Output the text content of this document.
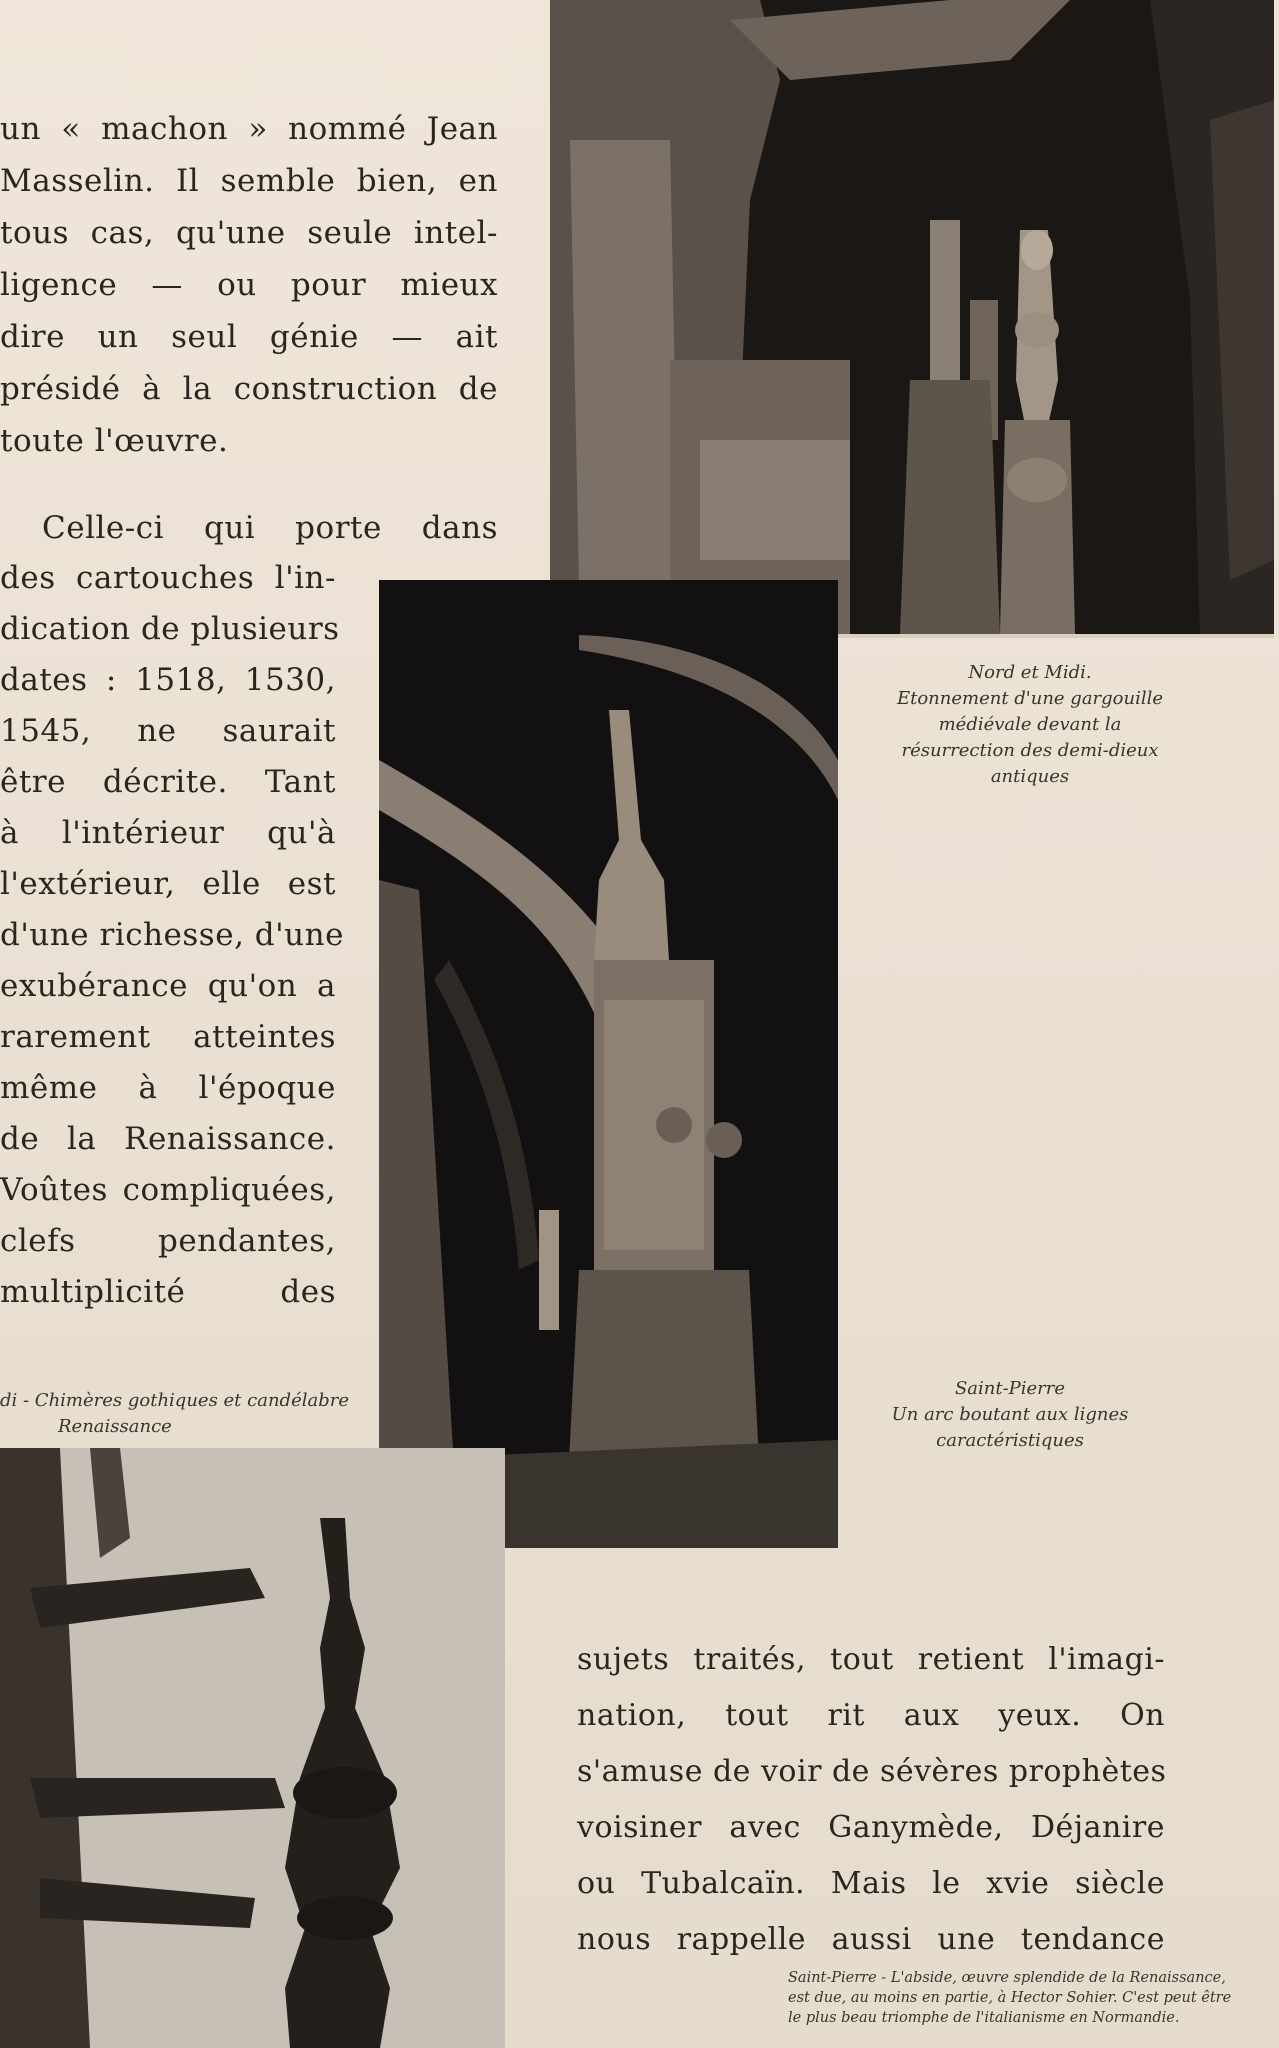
un « machon » nommé Jean
Masselin. Il semble bien, en
tous cas, qu'une seule intel-
ligence — ou pour mieux
dire un seul génie — ait
présidé à la construction de
toute l'œuvre.
Celle-ci qui porte dans
des cartouches l'in-
dication de plusieurs
dates : 1518, 1530,
1545, ne saurait
être décrite. Tant
à l'intérieur qu'à
l'extérieur, elle est
d'une richesse, d'une
exubérance qu'on a
rarement atteintes
même à l'époque
de la Renaissance.
Voûtes compliquées,
clefs pendantes,
multiplicité des
Nord et Midi.
Etonnement d'une gargouille
médiévale devant la
résurrection des demi-dieux
antiques
di - Chimères gothiques et candélabre
Renaissance
Saint-Pierre
Un arc boutant aux lignes
caractéristiques
sujets traités, tout retient l'imagi-
nation, tout rit aux yeux. On
s'amuse de voir de sévères prophètes
voisiner avec Ganymède, Déjanire
ou Tubalcaïn. Mais le xvie siècle
nous rappelle aussi une tendance
Saint-Pierre - L'abside, œuvre splendide de la Renaissance,
est due, au moins en partie, à Hector Sohier. C'est peut être
le plus beau triomphe de l'italianisme en Normandie.
